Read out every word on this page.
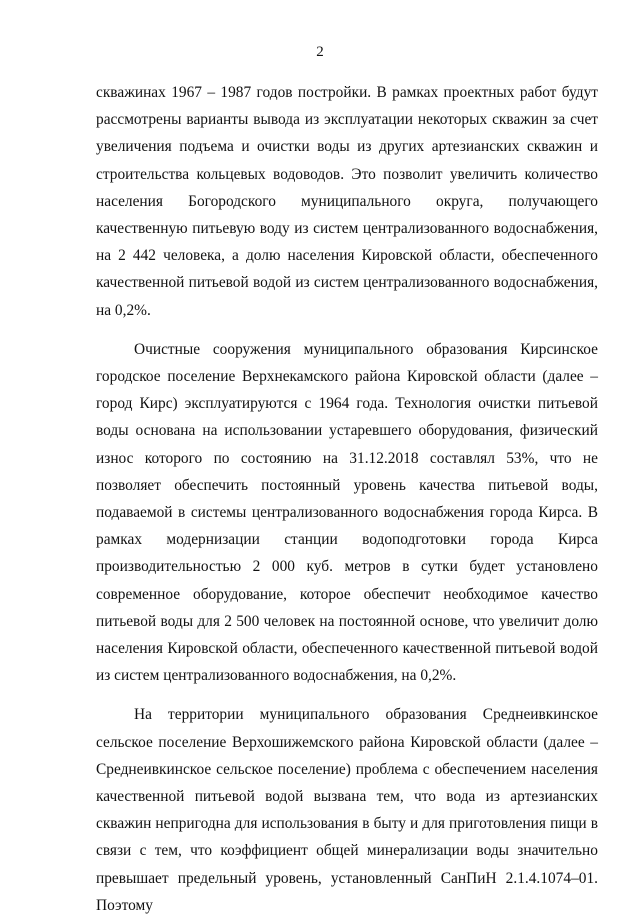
2

скважинах 1967 – 1987 годов постройки. В рамках проектных работ будут рассмотрены варианты вывода из эксплуатации некоторых скважин за счет увеличения подъема и очистки воды из других артезианских скважин и строительства кольцевых водоводов. Это позволит увеличить количество населения Богородского муниципального округа, получающего качественную питьевую воду из систем централизованного водоснабжения, на 2 442 человека, а долю населения Кировской области, обеспеченного качественной питьевой водой из систем централизованного водоснабжения, на 0,2%.

Очистные сооружения муниципального образования Кирсинское городское поселение Верхнекамского района Кировской области (далее – город Кирс) эксплуатируются с 1964 года. Технология очистки питьевой воды основана на использовании устаревшего оборудования, физический износ которого по состоянию на 31.12.2018 составлял 53%, что не позволяет обеспечить постоянный уровень качества питьевой воды, подаваемой в системы централизованного водоснабжения города Кирса. В рамках модернизации станции водоподготовки города Кирса производительностью 2 000 куб. метров в сутки будет установлено современное оборудование, которое обеспечит необходимое качество питьевой воды для 2 500 человек на постоянной основе, что увеличит долю населения Кировской области, обеспеченного качественной питьевой водой из систем централизованного водоснабжения, на 0,2%.

На территории муниципального образования Среднеивкинское сельское поселение Верхошижемского района Кировской области (далее – Среднеивкинское сельское поселение) проблема с обеспечением населения качественной питьевой водой вызвана тем, что вода из артезианских скважин непригодна для использования в быту и для приготовления пищи в связи с тем, что коэффициент общей минерализации воды значительно превышает предельный уровень, установленный СанПиН 2.1.4.1074–01. Поэтому
